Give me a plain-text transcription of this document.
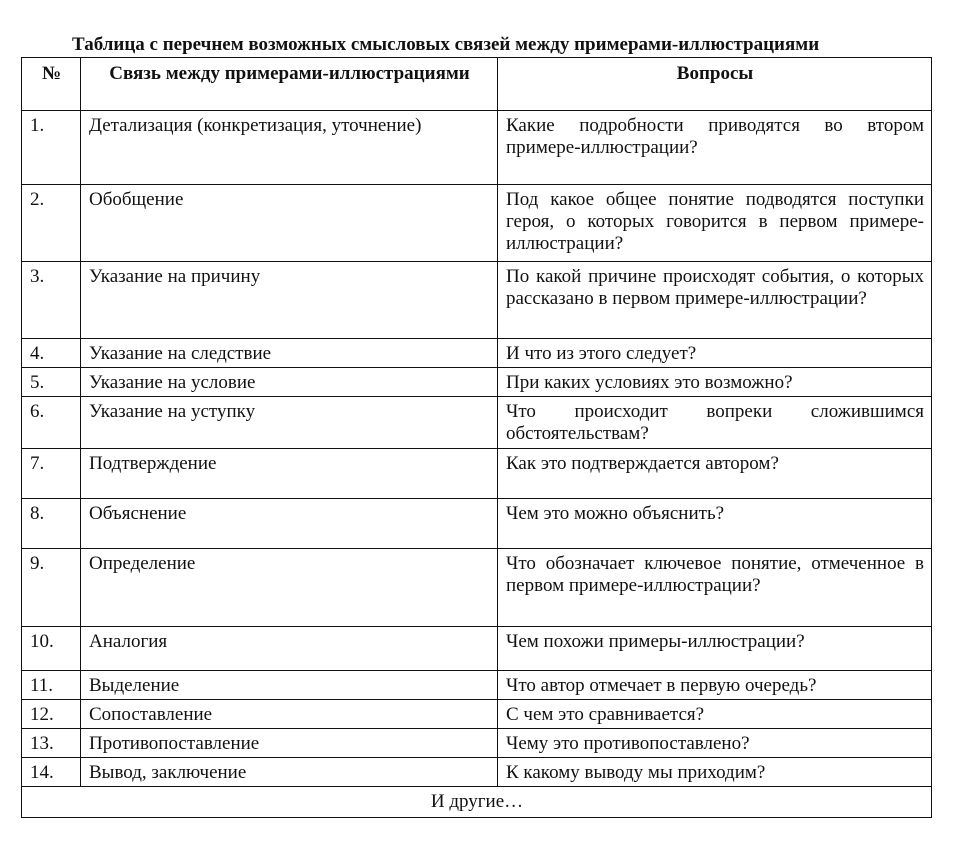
Таблица с перечнем возможных смысловых связей между примерами-иллюстрациями
№	Связь между примерами-иллюстрациями	Вопросы
1.	Детализация (конкретизация, уточнение)	Какие подробности приводятся во втором примере-иллюстрации?
2.	Обобщение	Под какое общее понятие подводятся поступки героя, о которых говорится в первом примере-иллюстрации?
3.	Указание на причину	По какой причине происходят события, о которых рассказано в первом примере-иллюстрации?
4.	Указание на следствие	И что из этого следует?
5.	Указание на условие	При каких условиях это возможно?
6.	Указание на уступку	Что происходит вопреки сложившимся обстоятельствам?
7.	Подтверждение	Как это подтверждается автором?
8.	Объяснение	Чем это можно объяснить?
9.	Определение	Что обозначает ключевое понятие, отмеченное в первом примере-иллюстрации?
10.	Аналогия	Чем похожи примеры-иллюстрации?
11.	Выделение	Что автор отмечает в первую очередь?
12.	Сопоставление	С чем это сравнивается?
13.	Противопоставление	Чему это противопоставлено?
14.	Вывод, заключение	К какому выводу мы приходим?
И другие…		
